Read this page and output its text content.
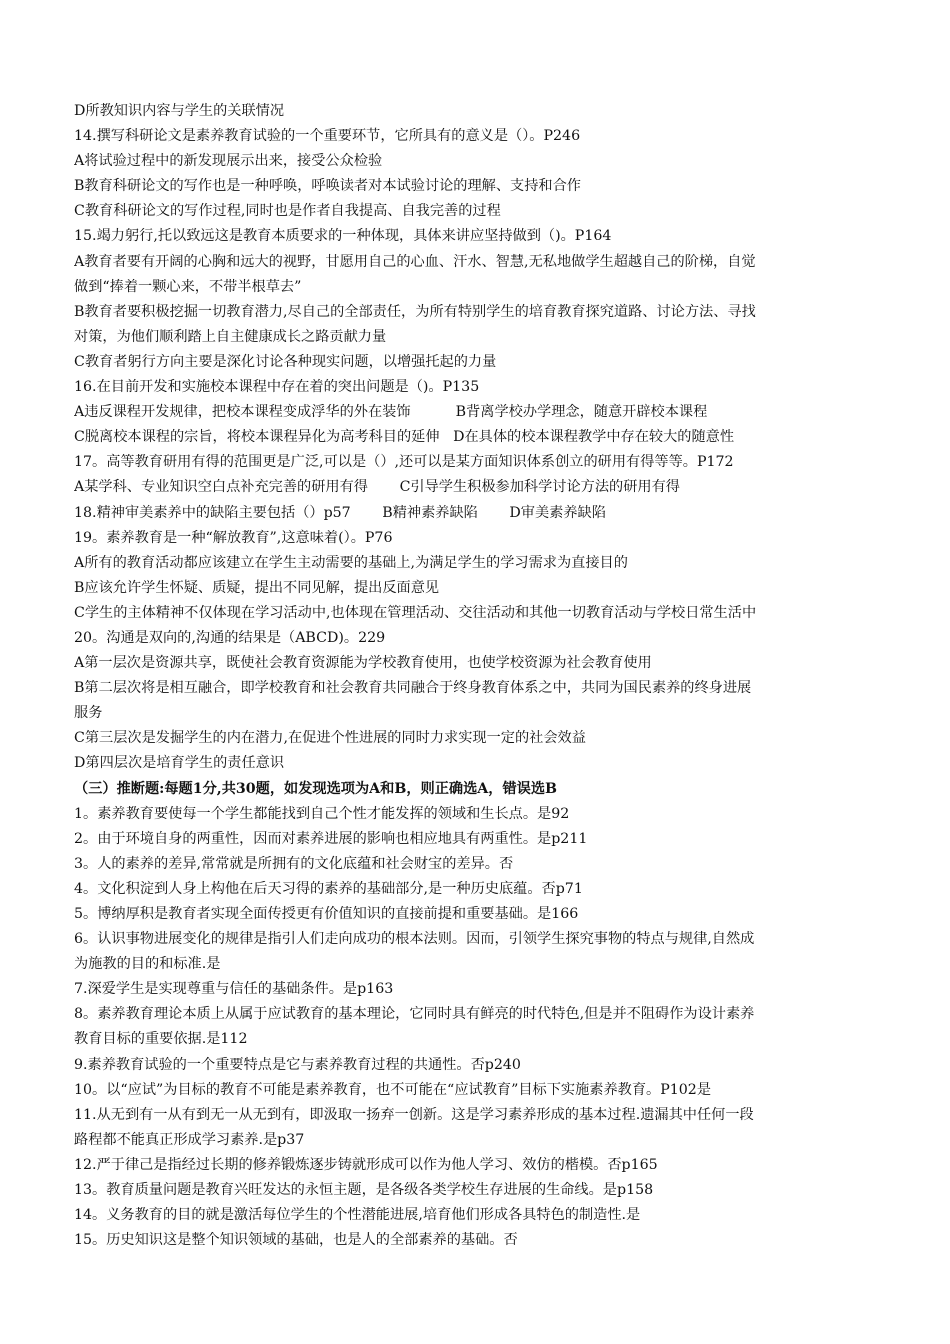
D所教知识内容与学生的关联情况
14.撰写科研论文是素养教育试验的一个重要环节，它所具有的意义是（）。P246
A将试验过程中的新发现展示出来，接受公众检验
B教育科研论文的写作也是一种呼唤，呼唤读者对本试验讨论的理解、支持和合作
C教育科研论文的写作过程,同时也是作者自我提高、自我完善的过程
15.竭力躬行,托以致远这是教育本质要求的一种体现，具体来讲应坚持做到（)。P164
A教育者要有开阔的心胸和远大的视野，甘愿用自己的心血、汗水、智慧,无私地做学生超越自己的阶梯，自觉
做到“捧着一颗心来，不带半根草去”
B教育者要积极挖掘一切教育潜力,尽自己的全部责任，为所有特别学生的培育教育探究道路、讨论方法、寻找
对策，为他们顺利踏上自主健康成长之路贡献力量
C教育者躬行方向主要是深化讨论各种现实问题，以增强托起的力量
16.在目前开发和实施校本课程中存在着的突出问题是（)。P135
A违反课程开发规律，把校本课程变成浮华的外在装饰          B背离学校办学理念，随意开辟校本课程
C脱离校本课程的宗旨，将校本课程异化为高考科目的延伸   D在具体的校本课程教学中存在较大的随意性
17。高等教育研用有得的范围更是广泛,可以是（）,还可以是某方面知识体系创立的研用有得等等。P172
A某学科、专业知识空白点补充完善的研用有得       C引导学生积极参加科学讨论方法的研用有得
18.精神审美素养中的缺陷主要包括（）p57       B精神素养缺陷       D审美素养缺陷
19。素养教育是一种“解放教育”,这意味着(）。P76
A所有的教育活动都应该建立在学生主动需要的基础上,为满足学生的学习需求为直接目的
B应该允许学生怀疑、质疑，提出不同见解，提出反面意见
C学生的主体精神不仅体现在学习活动中,也体现在管理活动、交往活动和其他一切教育活动与学校日常生活中
20。沟通是双向的,沟通的结果是（ABCD)。229
A第一层次是资源共享，既使社会教育资源能为学校教育使用，也使学校资源为社会教育使用
B第二层次将是相互融合，即学校教育和社会教育共同融合于终身教育体系之中，共同为国民素养的终身进展
服务
C第三层次是发掘学生的内在潜力,在促进个性进展的同时力求实现一定的社会效益
D第四层次是培育学生的责任意识
（三）推断题:每题1分,共30题，如发现选项为A和B，则正确选A，错误选B
1。素养教育要使每一个学生都能找到自己个性才能发挥的领域和生长点。是92
2。由于环境自身的两重性，因而对素养进展的影响也相应地具有两重性。是p211
3。人的素养的差异,常常就是所拥有的文化底蕴和社会财宝的差异。否
4。文化积淀到人身上构他在后天习得的素养的基础部分,是一种历史底蕴。否p71
5。博纳厚积是教育者实现全面传授更有价值知识的直接前提和重要基础。是166
6。认识事物进展变化的规律是指引人们走向成功的根本法则。因而，引领学生探究事物的特点与规律,自然成
为施教的目的和标准.是
7.深爱学生是实现尊重与信任的基础条件。是p163
8。素养教育理论本质上从属于应试教育的基本理论，它同时具有鲜亮的时代特色,但是并不阻碍作为设计素养
教育目标的重要依据.是112
9.素养教育试验的一个重要特点是它与素养教育过程的共通性。否p240
10。以“应试”为目标的教育不可能是素养教育，也不可能在“应试教育”目标下实施素养教育。P102是
11.从无到有一从有到无一从无到有，即汲取一扬弃一创新。这是学习素养形成的基本过程.遗漏其中任何一段
路程都不能真正形成学习素养.是p37
12.严于律己是指经过长期的修养锻炼逐步铸就形成可以作为他人学习、效仿的楷模。否p165
13。教育质量问题是教育兴旺发达的永恒主题，是各级各类学校生存进展的生命线。是p158
14。义务教育的目的就是激活每位学生的个性潜能进展,培育他们形成各具特色的制造性.是
15。历史知识这是整个知识领域的基础，也是人的全部素养的基础。否
